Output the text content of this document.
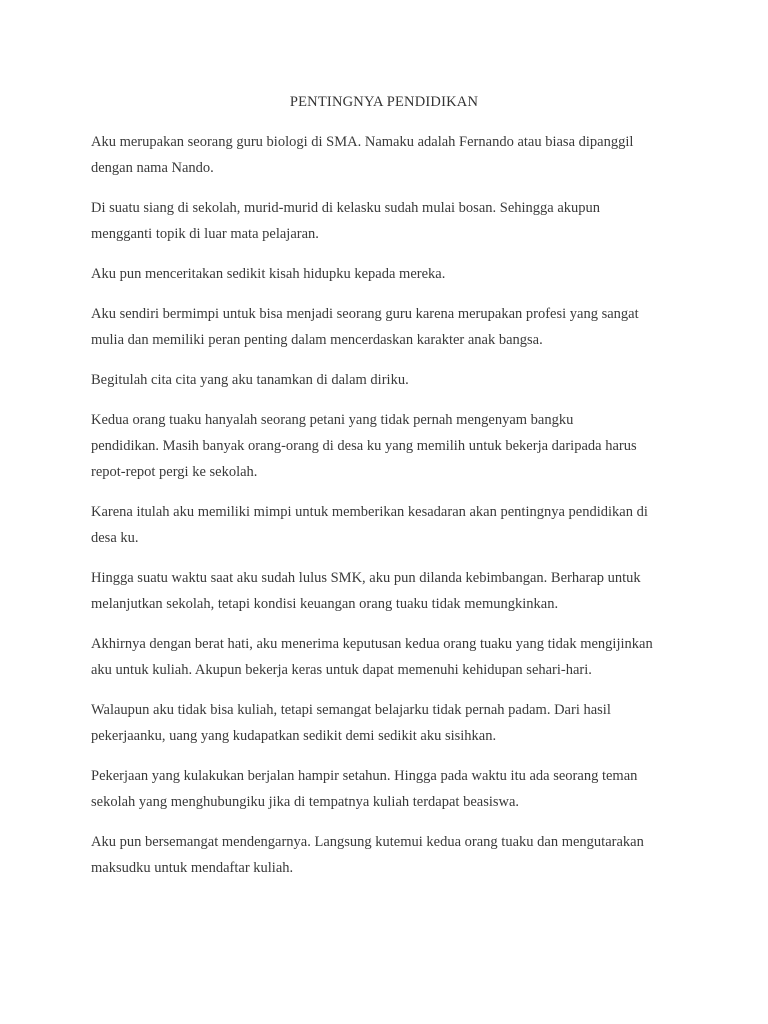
PENTINGNYA PENDIDIKAN

Aku merupakan seorang guru biologi di SMA. Namaku adalah Fernando atau biasa dipanggil
dengan nama Nando.

Di suatu siang di sekolah, murid-murid di kelasku sudah mulai bosan. Sehingga akupun
mengganti topik di luar mata pelajaran.

Aku pun menceritakan sedikit kisah hidupku kepada mereka.

Aku sendiri bermimpi untuk bisa menjadi seorang guru karena merupakan profesi yang sangat
mulia dan memiliki peran penting dalam mencerdaskan karakter anak bangsa.

Begitulah cita cita yang aku tanamkan di dalam diriku.

Kedua orang tuaku hanyalah seorang petani yang tidak pernah mengenyam bangku
pendidikan. Masih banyak orang-orang di desa ku yang memilih untuk bekerja daripada harus
repot-repot pergi ke sekolah.

Karena itulah aku memiliki mimpi untuk memberikan kesadaran akan pentingnya pendidikan di
desa ku.

Hingga suatu waktu saat aku sudah lulus SMK, aku pun dilanda kebimbangan. Berharap untuk
melanjutkan sekolah, tetapi kondisi keuangan orang tuaku tidak memungkinkan.

Akhirnya dengan berat hati, aku menerima keputusan kedua orang tuaku yang tidak mengijinkan
aku untuk kuliah. Akupun bekerja keras untuk dapat memenuhi kehidupan sehari-hari.

Walaupun aku tidak bisa kuliah, tetapi semangat belajarku tidak pernah padam. Dari hasil
pekerjaanku, uang yang kudapatkan sedikit demi sedikit aku sisihkan.

Pekerjaan yang kulakukan berjalan hampir setahun. Hingga pada waktu itu ada seorang teman
sekolah yang menghubungiku jika di tempatnya kuliah terdapat beasiswa.

Aku pun bersemangat mendengarnya. Langsung kutemui kedua orang tuaku dan mengutarakan
maksudku untuk mendaftar kuliah.
